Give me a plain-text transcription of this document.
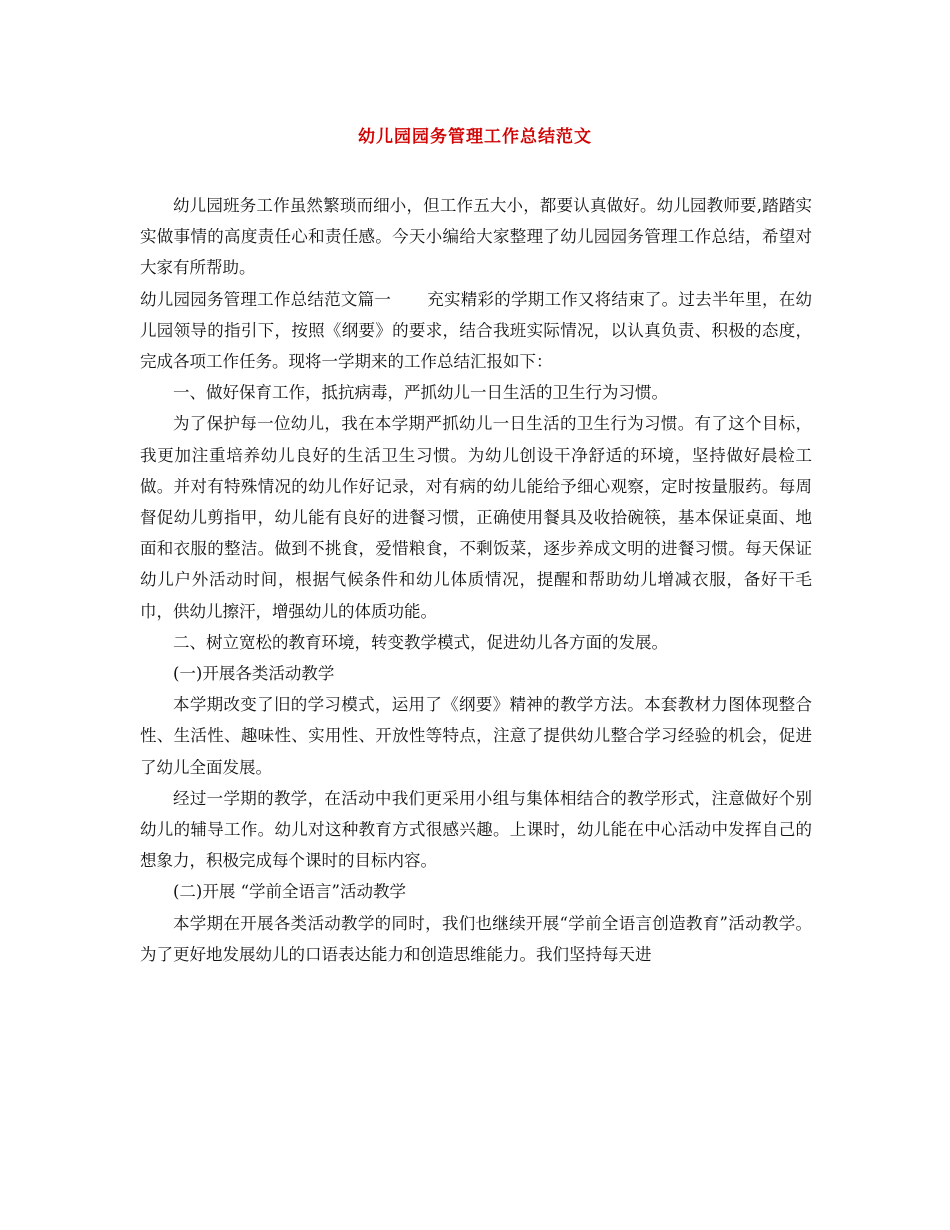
幼儿园园务管理工作总结范文

幼儿园班务工作虽然繁琐而细小，但工作五大小，都要认真做好。幼儿园教师要,踏踏实实做事情的高度责任心和责任感。今天小编给大家整理了幼儿园园务管理工作总结，希望对大家有所帮助。

幼儿园园务管理工作总结范文篇一 充实精彩的学期工作又将结束了。过去半年里，在幼儿园领导的指引下，按照《纲要》的要求，结合我班实际情况，以认真负责、积极的态度，完成各项工作任务。现将一学期来的工作总结汇报如下：

一、做好保育工作，抵抗病毒，严抓幼儿一日生活的卫生行为习惯。

为了保护每一位幼儿，我在本学期严抓幼儿一日生活的卫生行为习惯。有了这个目标，我更加注重培养幼儿良好的生活卫生习惯。为幼儿创设干净舒适的环境，坚持做好晨检工做。并对有特殊情况的幼儿作好记录，对有病的幼儿能给予细心观察，定时按量服药。每周督促幼儿剪指甲，幼儿能有良好的进餐习惯，正确使用餐具及收拾碗筷，基本保证桌面、地面和衣服的整洁。做到不挑食，爱惜粮食，不剩饭菜，逐步养成文明的进餐习惯。每天保证幼儿户外活动时间，根据气候条件和幼儿体质情况，提醒和帮助幼儿增减衣服，备好干毛巾，供幼儿擦汗，增强幼儿的体质功能。

二、树立宽松的教育环境，转变教学模式，促进幼儿各方面的发展。

(一)开展各类活动教学

本学期改变了旧的学习模式，运用了《纲要》精神的教学方法。本套教材力图体现整合性、生活性、趣味性、实用性、开放性等特点，注意了提供幼儿整合学习经验的机会，促进了幼儿全面发展。

经过一学期的教学，在活动中我们更采用小组与集体相结合的教学形式，注意做好个别幼儿的辅导工作。幼儿对这种教育方式很感兴趣。上课时，幼儿能在中心活动中发挥自己的想象力，积极完成每个课时的目标内容。

(二)开展 “学前全语言”活动教学

本学期在开展各类活动教学的同时，我们也继续开展“学前全语言创造教育”活动教学。为了更好地发展幼儿的口语表达能力和创造思维能力。我们坚持每天进
